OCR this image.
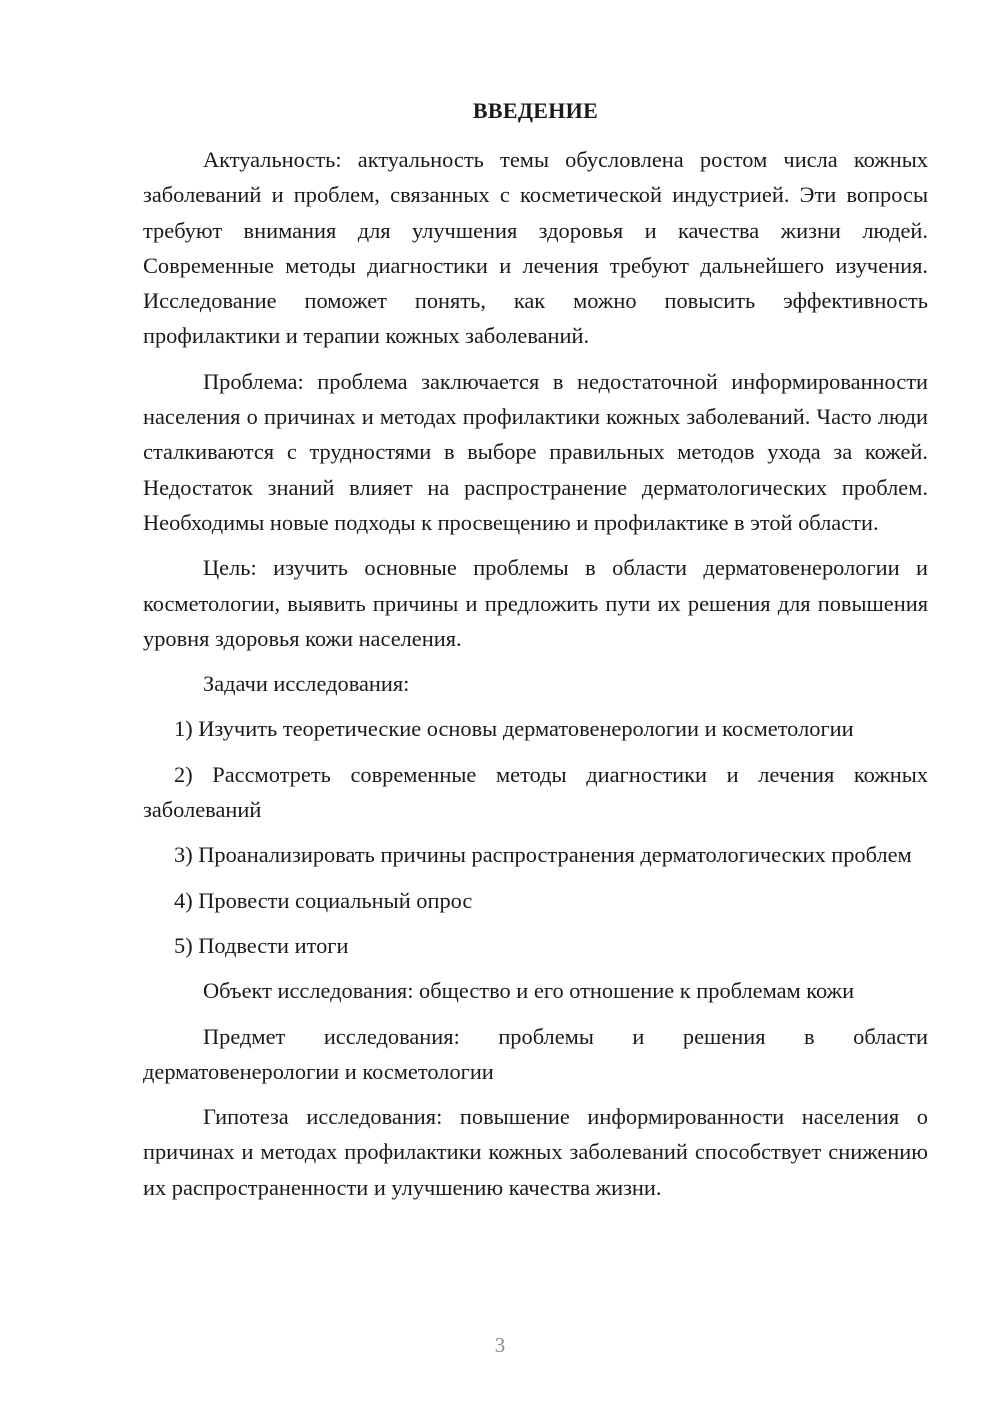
ВВЕДЕНИЕ

Актуальность: актуальность темы обусловлена ростом числа кожных заболеваний и проблем, связанных с косметической индустрией. Эти вопросы требуют внимания для улучшения здоровья и качества жизни людей. Современные методы диагностики и лечения требуют дальнейшего изучения. Исследование поможет понять, как можно повысить эффективность профилактики и терапии кожных заболеваний.

Проблема: проблема заключается в недостаточной информированности населения о причинах и методах профилактики кожных заболеваний. Часто люди сталкиваются с трудностями в выборе правильных методов ухода за кожей. Недостаток знаний влияет на распространение дерматологических проблем. Необходимы новые подходы к просвещению и профилактике в этой области.

Цель: изучить основные проблемы в области дерматовенерологии и косметологии, выявить причины и предложить пути их решения для повышения уровня здоровья кожи населения.

Задачи исследования:

1) Изучить теоретические основы дерматовенерологии и косметологии

2) Рассмотреть современные методы диагностики и лечения кожных заболеваний

3) Проанализировать причины распространения дерматологических проблем

4) Провести социальный опрос

5) Подвести итоги

Объект исследования: общество и его отношение к проблемам кожи

Предмет исследования: проблемы и решения в области дерматовенерологии и косметологии

Гипотеза исследования: повышение информированности населения о причинах и методах профилактики кожных заболеваний способствует снижению их распространенности и улучшению качества жизни.

3
